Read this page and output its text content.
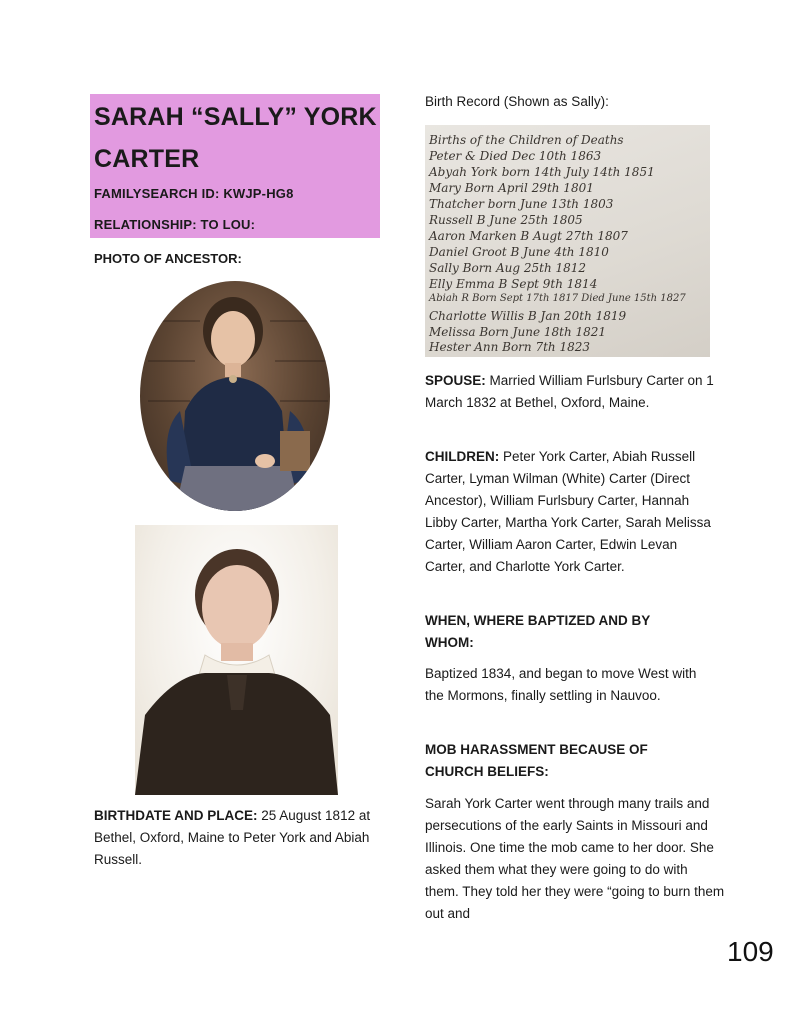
SARAH “SALLY” YORK CARTER
FAMILYSEARCH ID: KWJP-HG8
RELATIONSHIP: TO LOU:
PHOTO OF ANCESTOR:
BIRTHDATE AND PLACE: 25 August 1812 at Bethel, Oxford, Maine to Peter York and Abiah Russell.
Birth Record (Shown as Sally):
Births of the Children of Deaths
Peter & Died Dec 10th 1863
Abyah York born 14th July 14th 1851
Mary Born April 29th 1801
Thatcher born June 13th 1803
Russell B June 25th 1805
Aaron Marken B Augt 27th 1807
Daniel Groot B June 4th 1810
Sally Born Aug 25th 1812
Elly Emma B Sept 9th 1814
Abiah R Born Sept 17th 1817 Died June 15th 1827
Charlotte Willis B Jan 20th 1819
Melissa Born June 18th 1821
Hester Ann Born 7th 1823
SPOUSE: Married William Furlsbury Carter on 1 March 1832 at Bethel, Oxford, Maine.
CHILDREN: Peter York Carter, Abiah Russell Carter, Lyman Wilman (White) Carter (Direct Ancestor), William Furlsbury Carter, Hannah Libby Carter, Martha York Carter, Sarah Melissa Carter, William Aaron Carter, Edwin Levan Carter, and Charlotte York Carter.
WHEN, WHERE BAPTIZED AND BY WHOM:
Baptized 1834, and began to move West with the Mormons, finally settling in Nauvoo.
MOB HARASSMENT BECAUSE OF CHURCH BELIEFS:
Sarah York Carter went through many trails and persecutions of the early Saints in Missouri and Illinois. One time the mob came to her door. She asked them what they were going to do with them. They told her they were “going to burn them out and
109
